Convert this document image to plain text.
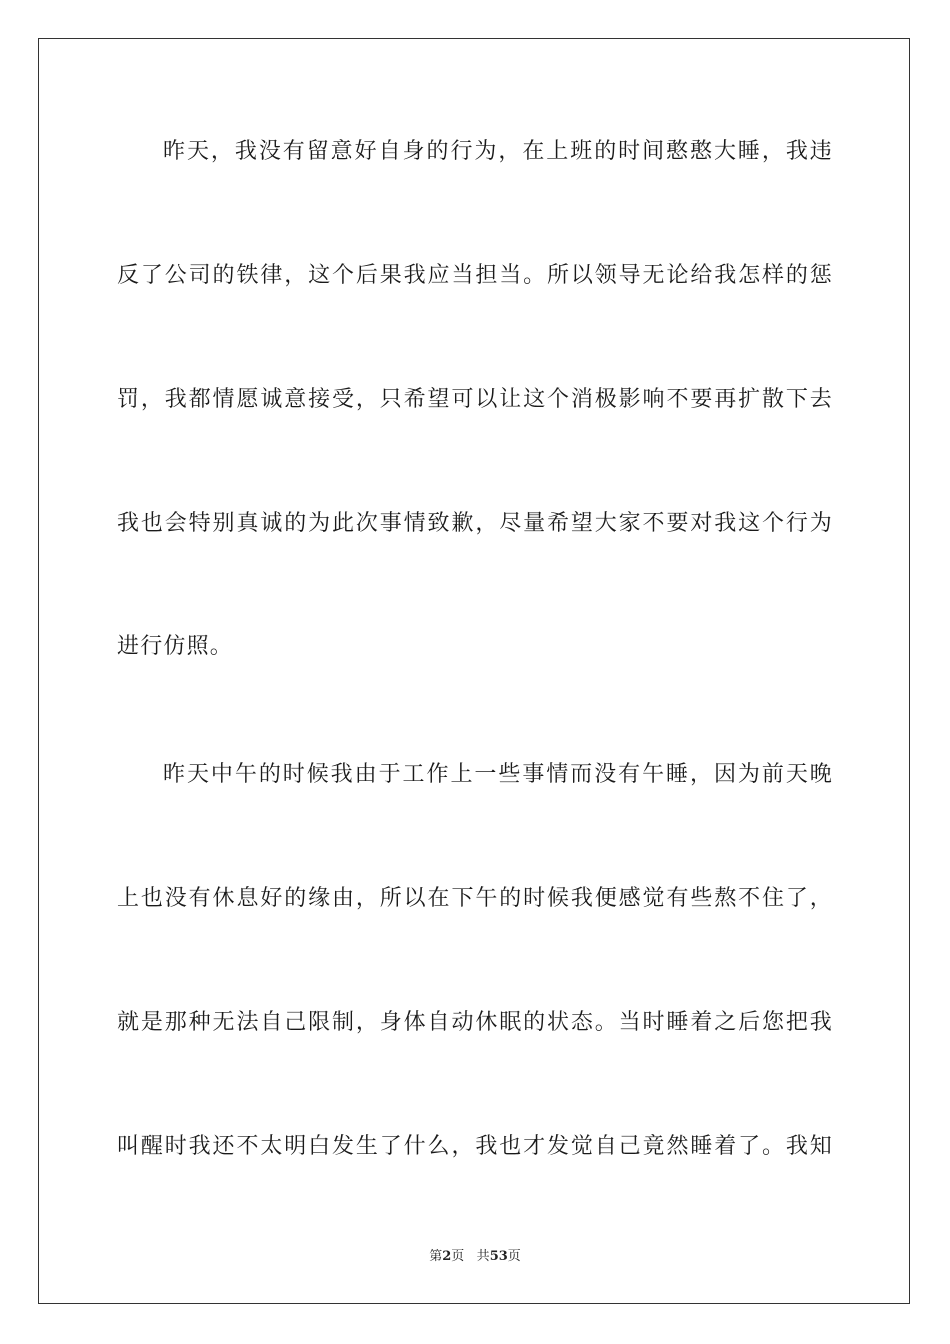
昨天，我没有留意好自身的行为，在上班的时间憨憨大睡，我违
反了公司的铁律，这个后果我应当担当。所以领导无论给我怎样的惩
罚，我都情愿诚意接受，只希望可以让这个消极影响不要再扩散下去
我也会特别真诚的为此次事情致歉，尽量希望大家不要对我这个行为
进行仿照。
昨天中午的时候我由于工作上一些事情而没有午睡，因为前天晚
上也没有休息好的缘由，所以在下午的时候我便感觉有些熬不住了，
就是那种无法自己限制，身体自动休眠的状态。当时睡着之后您把我
叫醒时我还不太明白发生了什么，我也才发觉自己竟然睡着了。我知
第2页 共53页
